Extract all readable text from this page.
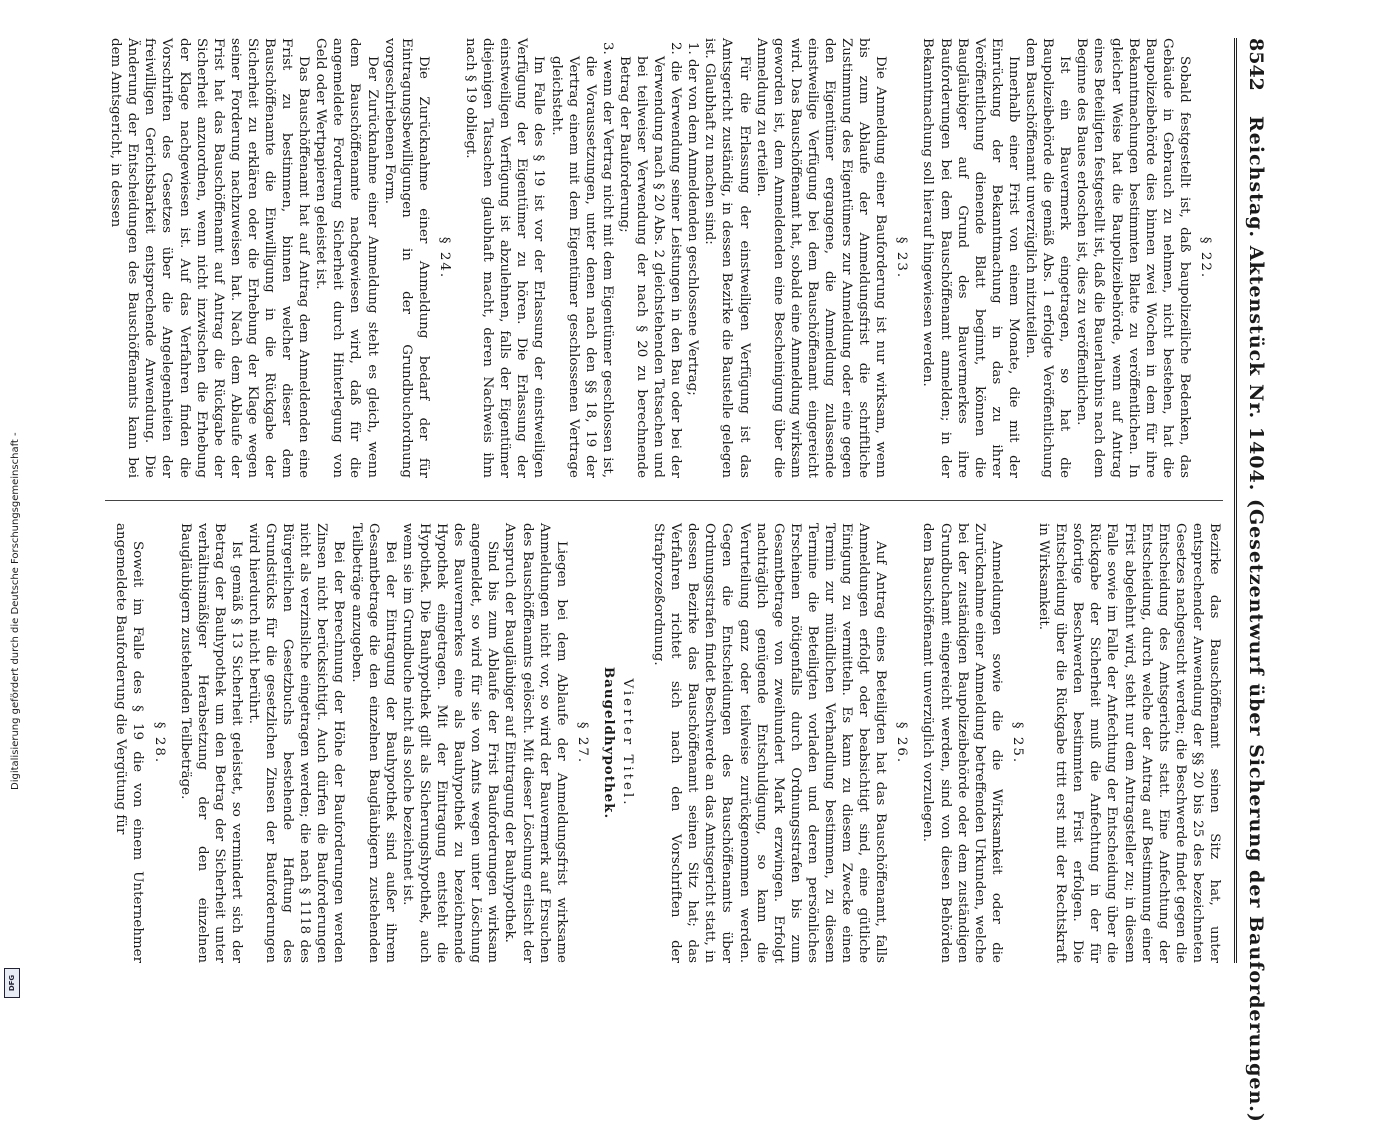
Digitalisierung gefördert durch die Deutsche Forschungsgemeinschaft -
DFG
8542
Reichstag. Aktenstück Nr. 1404. (Gesetzentwurf über Sicherung der Bauforderungen.)

§ 22.

Sobald festgestellt ist, daß baupolizeiliche Bedenken, das Gebäude in Gebrauch zu nehmen, nicht bestehen, hat die Baupolizeibehörde dies binnen zwei Wochen in dem für ihre Bekanntmachungen bestimmten Blatte zu veröffentlichen. In gleicher Weise hat die Baupolizeibehörde, wenn auf Antrag eines Beteiligten festgestellt ist, daß die Bauerlaubnis nach dem Beginne des Baues erloschen ist, dies zu veröffentlichen.

Ist ein Bauvermerk eingetragen, so hat die Baupolizeibehörde die gemäß Abs. 1 erfolgte Veröffentlichung dem Bauschöffenamt unverzüglich mitzuteilen.

Innerhalb einer Frist von einem Monate, die mit der Einrückung der Bekanntmachung in das zu ihrer Veröffentlichung dienende Blatt beginnt, können die Baugläubiger auf Grund des Bauvermerkes ihre Bauforderungen bei dem Bauschöffenamt anmelden; in der Bekanntmachung soll hierauf hingewiesen werden.

§ 23.

Die Anmeldung einer Bauforderung ist nur wirksam, wenn bis zum Ablaufe der Anmeldungsfrist die schriftliche Zustimmung des Eigentümers zur Anmeldung oder eine gegen den Eigentümer ergangene, die Anmeldung zulassende einstweilige Verfügung bei dem Bauschöffenamt eingereicht wird. Das Bauschöffenamt hat, sobald eine Anmeldung wirksam geworden ist, dem Anmeldenden eine Bescheinigung über die Anmeldung zu erteilen.

Für die Erlassung der einstweiligen Verfügung ist das Amtsgericht zuständig, in dessen Bezirke die Baustelle gelegen ist. Glaubhaft zu machen sind:

1. der von dem Anmeldenden geschlossene Vertrag;

2. die Verwendung seiner Leistungen in den Bau oder bei der Verwendung nach § 20 Abs. 2 gleichstehenden Tatsachen und bei teilweiser Verwendung der nach § 20 zu berechnende Betrag der Bauforderung;

3. wenn der Vertrag nicht mit dem Eigentümer geschlossen ist, die Voraussetzungen, unter denen nach den §§ 18, 19 der Vertrag einem mit dem Eigentümer geschlossenen Vertrage gleichsteht.

Im Falle des § 19 ist vor der Erlassung der einstweiligen Verfügung der Eigentümer zu hören. Die Erlassung der einstweiligen Verfügung ist abzulehnen, falls der Eigentümer diejenigen Tatsachen glaubhaft macht, deren Nachweis ihm nach § 19 obliegt.

§ 24.

Die Zurücknahme einer Anmeldung bedarf der für Eintragungsbewilligungen in der Grundbuchordnung vorgeschriebenen Form.

Der Zurücknahme einer Anmeldung steht es gleich, wenn dem Bauschöffenamte nachgewiesen wird, daß für die angemeldete Forderung Sicherheit durch Hinterlegung von Geld oder Wertpapieren geleistet ist.

Das Bauschöffenamt hat auf Antrag dem Anmeldenden eine Frist zu bestimmen, binnen welcher dieser dem Bauschöffenamte die Einwilligung in die Rückgabe der Sicherheit zu erklären oder die Erhebung der Klage wegen seiner Forderung nachzuweisen hat. Nach dem Ablaufe der Frist hat das Bauschöffenamt auf Antrag die Rückgabe der Sicherheit anzuordnen, wenn nicht inzwischen die Erhebung der Klage nachgewiesen ist. Auf das Verfahren finden die Vorschriften des Gesetzes über die Angelegenheiten der freiwilligen Gerichtsbarkeit entsprechende Anwendung. Die Änderung der Entscheidungen des Bauschöffenamts kann bei dem Amtsgericht, in dessen

Bezirke das Bauschöffenamt seinen Sitz hat, unter entsprechender Anwendung der §§ 20 bis 25 des bezeichneten Gesetzes nachgesucht werden; die Beschwerde findet gegen die Entscheidung des Amtsgerichts statt. Eine Anfechtung der Entscheidung, durch welche der Antrag auf Bestimmung einer Frist abgelehnt wird, steht nur dem Antragsteller zu; in diesem Falle sowie im Falle der Anfechtung der Entscheidung über die Rückgabe der Sicherheit muß die Anfechtung in der für sofortige Beschwerden bestimmten Frist erfolgen. Die Entscheidung über die Rückgabe tritt erst mit der Rechtskraft in Wirksamkeit.

§ 25.

Anmeldungen sowie die die Wirksamkeit oder die Zurücknahme einer Anmeldung betreffenden Urkunden, welche bei der zuständigen Baupolizeibehörde oder dem zuständigen Grundbuchamt eingereicht werden, sind von diesen Behörden dem Bauschöffenamt unverzüglich vorzulegen.

§ 26.

Auf Antrag eines Beteiligten hat das Bauschöffenamt, falls Anmeldungen erfolgt oder beabsichtigt sind, eine gütliche Einigung zu vermitteln. Es kann zu diesem Zwecke einen Termin zur mündlichen Verhandlung bestimmen, zu diesem Termine die Beteiligten vorladen und deren persönliches Erscheinen nötigenfalls durch Ordnungsstrafen bis zum Gesamtbetrage von zweihundert Mark erzwingen. Erfolgt nachträglich genügende Entschuldigung, so kann die Verurteilung ganz oder teilweise zurückgenommen werden. Gegen die Entscheidungen des Bauschöffenamts über Ordnungsstrafen findet Beschwerde an das Amtsgericht statt, in dessen Bezirke das Bauschöffenamt seinen Sitz hat; das Verfahren richtet sich nach den Vorschriften der Strafprozeßordnung.

Vierter Titel.

Baugeldhypothek.

§ 27.

Liegen bei dem Ablaufe der Anmeldungsfrist wirksame Anmeldungen nicht vor, so wird der Bauvermerk auf Ersuchen des Bauschöffenamts gelöscht. Mit dieser Löschung erlischt der Anspruch der Baugläubiger auf Eintragung der Bauhypothek.

Sind bis zum Ablaufe der Frist Bauforderungen wirksam angemeldet, so wird für sie von Amts wegen unter Löschung des Bauvermerkes eine als Bauhypothek zu bezeichnende Hypothek eingetragen. Mit der Eintragung entsteht die Hypothek. Die Bauhypothek gilt als Sicherungshypothek, auch wenn sie im Grundbuche nicht als solche bezeichnet ist.

Bei der Eintragung der Bauhypothek sind außer ihrem Gesamtbetrage die den einzelnen Baugläubigern zustehenden Teilbeträge anzugeben.

Bei der Berechnung der Höhe der Bauforderungen werden Zinsen nicht berücksichtigt. Auch dürfen die Bauforderungen nicht als verzinsliche eingetragen werden; die nach § 1118 des Bürgerlichen Gesetzbuchs bestehende Haftung des Grundstücks für die gesetzlichen Zinsen der Bauforderungen wird hierdurch nicht berührt.

Ist gemäß § 13 Sicherheit geleistet, so vermindert sich der Betrag der Bauhypothek um den Betrag der Sicherheit unter verhältnismäßiger Herabsetzung der den einzelnen Baugläubigern zustehenden Teilbeträge.

§ 28.

Soweit im Falle des § 19 die von einem Unternehmer angemeldete Bauforderung die Vergütung für
